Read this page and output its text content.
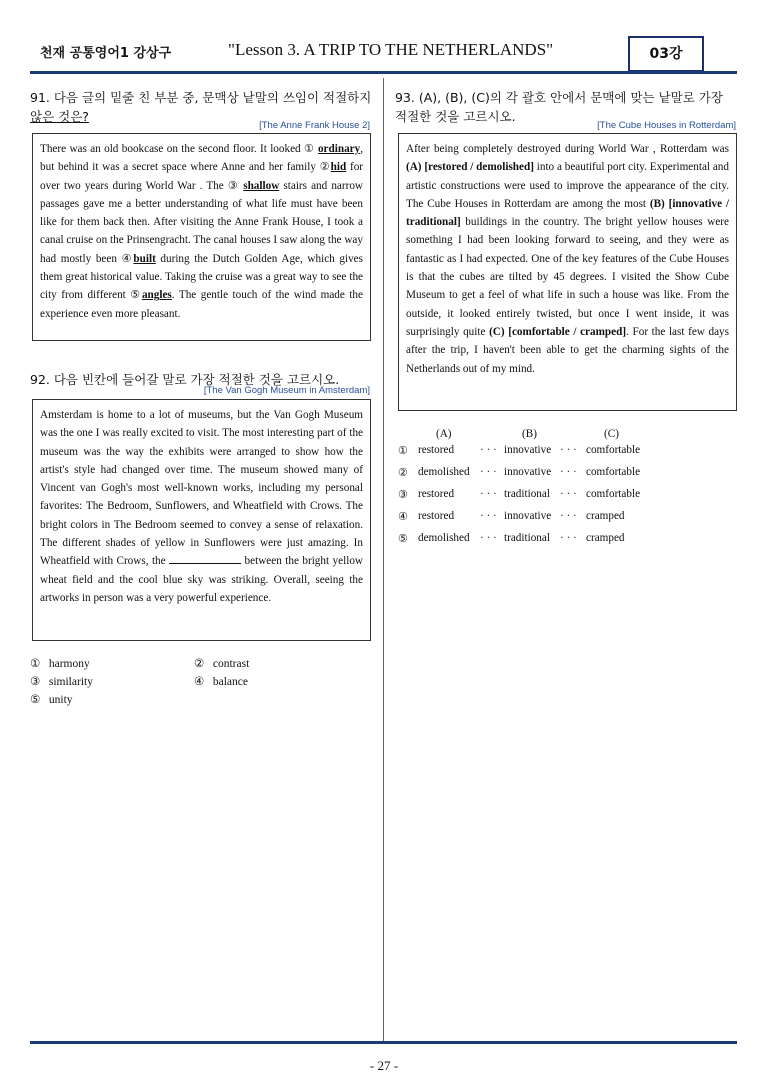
천재 공통영어1 강상구	"Lesson 3. A TRIP TO THE NETHERLANDS"	03강
91. 다음 글의 밑줄 친 부분 중, 문맥상 낱말의 쓰임이 적절하지
않은 것은?
[The Anne Frank House 2]
There was an old bookcase on the second floor. It looked ① ordinary, but behind it was a secret space where Anne and her family ②hid for over two years during World War . The ③ shallow stairs and narrow passages gave me a better understanding of what life must have been like for them back then. After visiting the Anne Frank House, I took a canal cruise on the Prinsengracht. The canal houses I saw along the way had mostly been ④built during the Dutch Golden Age, which gives them great historical value. Taking the cruise was a great way to see the city from different ⑤angles. The gentle touch of the wind made the experience even more pleasant.
92. 다음 빈칸에 들어갈 말로 가장 적절한 것을 고르시오.
[The Van Gogh Museum in Amsterdam]
Amsterdam is home to a lot of museums, but the Van Gogh Museum was the one I was really excited to visit. The most interesting part of the museum was the way the exhibits were arranged to show how the artist's style had changed over time. The museum showed many of Vincent van Gogh's most well-known works, including my personal favorites: The Bedroom, Sunflowers, and Wheatfield with Crows. The bright colors in The Bedroom seemed to convey a sense of relaxation. The different shades of yellow in Sunflowers were just amazing. In Wheatfield with Crows, the	between the bright yellow wheat field and the cool blue sky was striking. Overall, seeing the artworks in person was a very powerful experience.
① harmony	② contrast
③ similarity	④ balance
⑤ unity
93. (A), (B), (C)의 각 괄호 안에서 문맥에 맞는 낱말로 가장
적절한 것을 고르시오.
[The Cube Houses in Rotterdam]
After being completely destroyed during World War , Rotterdam was (A) [restored / demolished] into a beautiful port city. Experimental and artistic constructions were used to improve the appearance of the city. The Cube Houses in Rotterdam are among the most (B) [innovative / traditional] buildings in the country. The bright yellow houses were something I had been looking forward to seeing, and they were as fantastic as I had expected. One of the key features of the Cube Houses is that the cubes are tilted by 45 degrees. I visited the Show Cube Museum to get a feel of what life in such a house was like. From the outside, it looked entirely twisted, but once I went inside, it was surprisingly quite (C) [comfortable / cramped]. For the last few days after the trip, I haven't been able to get the charming sights of the Netherlands out of my mind.
(A)	(B)	(C)
① restored · · · innovative · · · comfortable
② demolished · · · innovative · · · comfortable
③ restored · · · traditional · · · comfortable
④ restored · · · innovative · · · cramped
⑤ demolished · · · traditional · · · cramped
- 27 -
